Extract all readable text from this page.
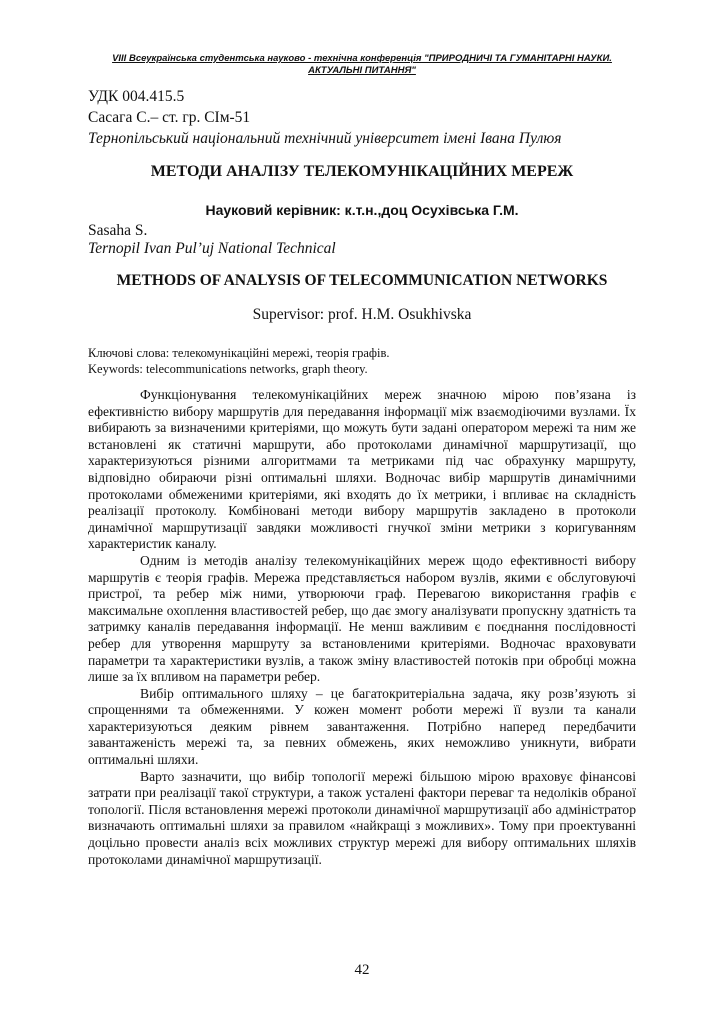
VIII Всеукраїнська студентська науково - технічна конференція "ПРИРОДНИЧІ ТА ГУМАНІТАРНІ НАУКИ.
АКТУАЛЬНІ ПИТАННЯ"
УДК 004.415.5
Сасага С.– ст. гр. СІм-51
Тернопільський національний технічний університет імені Івана Пулюя
МЕТОДИ АНАЛІЗУ ТЕЛЕКОМУНІКАЦІЙНИХ МЕРЕЖ
Науковий керівник: к.т.н.,доц Осухівська Г.М.
Sasaha S.
Ternopil Ivan Pul’uj National Technical
METHODS OF ANALYSIS OF TELECOMMUNICATION NETWORKS
Supervisor: prof. H.M. Osukhivska
Ключові слова: телекомунікаційні мережі, теорія графів.
Keywords: telecommunications networks, graph theory.

Функціонування телекомунікаційних мереж значною мірою пов’язана із ефективністю вибору маршрутів для передавання інформації між взаємодіючими вузлами. Їх вибирають за визначеними критеріями, що можуть бути задані оператором мережі та ним же встановлені як статичні маршрути, або протоколами динамічної маршрутизації, що характеризуються різними алгоритмами та метриками під час обрахунку маршруту, відповідно обираючи різні оптимальні шляхи. Водночас вибір маршрутів динамічними протоколами обмеженими критеріями, які входять до їх метрики, і впливає на складність реалізації протоколу. Комбіновані методи вибору маршрутів закладено в протоколи динамічної маршрутизації завдяки можливості гнучкої зміни метрики з коригуванням характеристик каналу.

Одним із методів аналізу телекомунікаційних мереж щодо ефективності вибору маршрутів є теорія графів. Мережа представляється набором вузлів, якими є обслуговуючі пристрої, та ребер між ними, утворюючи граф. Перевагою використання графів є максимальне охоплення властивостей ребер, що дає змогу аналізувати пропускну здатність та затримку каналів передавання інформації. Не менш важливим є поєднання послідовності ребер для утворення маршруту за встановленими критеріями. Водночас враховувати параметри та характеристики вузлів, а також зміну властивостей потоків при обробці можна лише за їх впливом на параметри ребер.

Вибір оптимального шляху – це багатокритеріальна задача, яку розв’язують зі спрощеннями та обмеженнями. У кожен момент роботи мережі її вузли та канали характеризуються деяким рівнем завантаження. Потрібно наперед передбачити завантаженість мережі та, за певних обмежень, яких неможливо уникнути, вибрати оптимальні шляхи.

Варто зазначити, що вибір топології мережі більшою мірою враховує фінансові затрати при реалізації такої структури, а також усталені фактори переваг та недоліків обраної топології. Після встановлення мережі протоколи динамічної маршрутизації або адміністратор визначають оптимальні шляхи за правилом «найкращі з можливих». Тому при проектуванні доцільно провести аналіз всіх можливих структур мережі для вибору оптимальних шляхів протоколами динамічної маршрутизації.

42
